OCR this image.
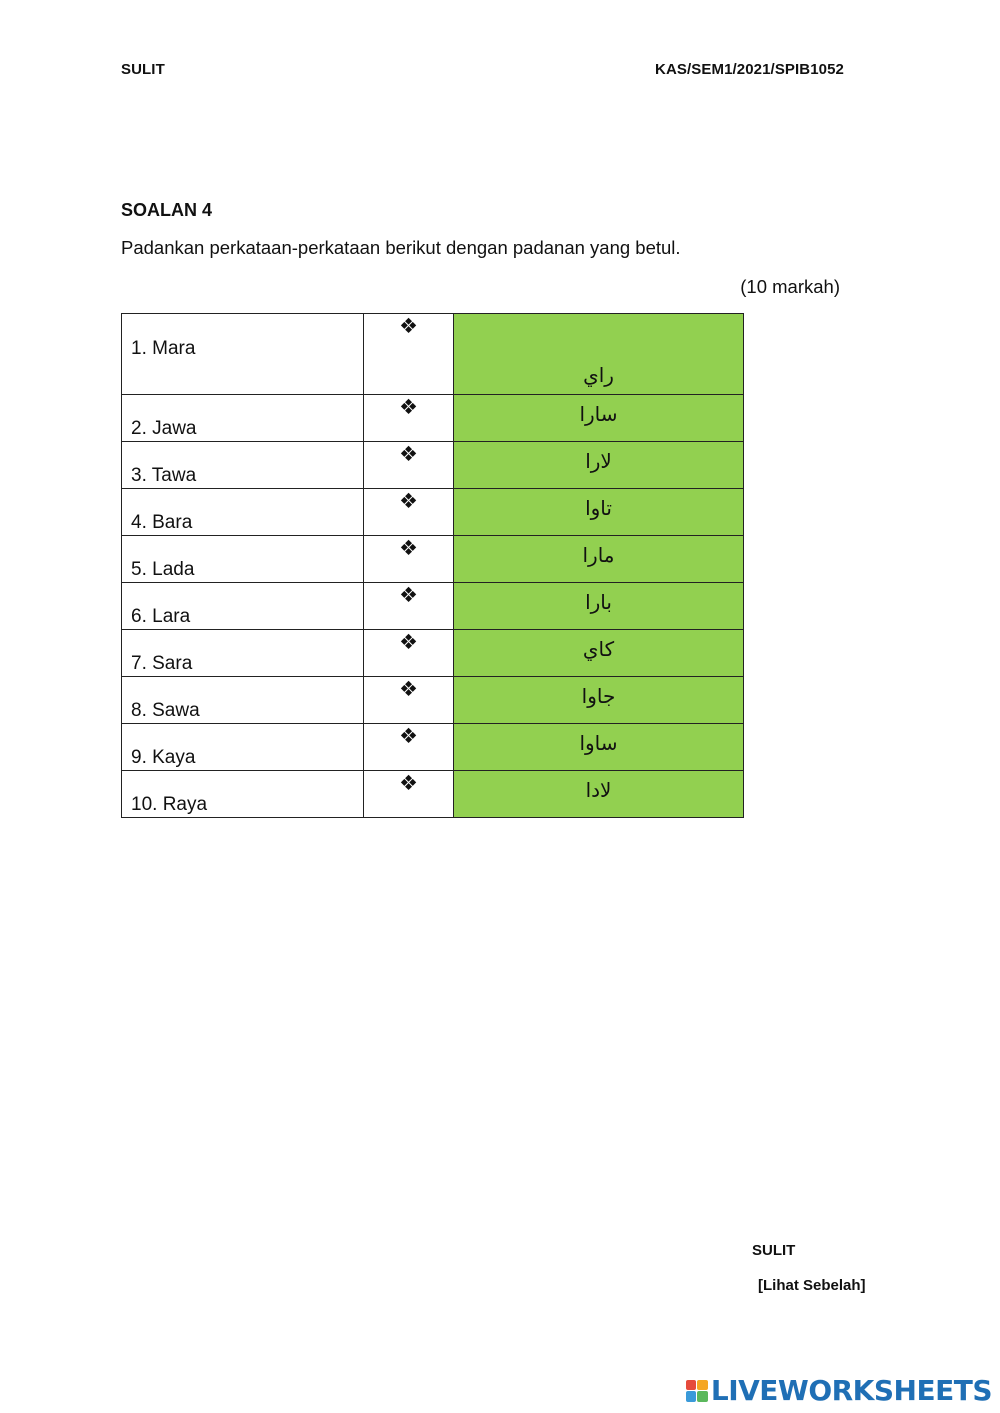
SULIT	KAS/SEM1/2021/SPIB1052
SOALAN 4
Padankan perkataan-perkataan berikut dengan padanan yang betul.
(10 markah)
1. Mara	❖	راي

2. Jawa	❖	سارا

3. Tawa	❖	لارا

4. Bara	❖	تاوا

5. Lada	❖	مارا

6. Lara	❖	بارا

7. Sara	❖	كاي

8. Sawa	❖	جاوا

9. Kaya	❖	ساوا

10. Raya	❖	لادا
SULIT
[Lihat Sebelah]
LIVEWORKSHEETS
